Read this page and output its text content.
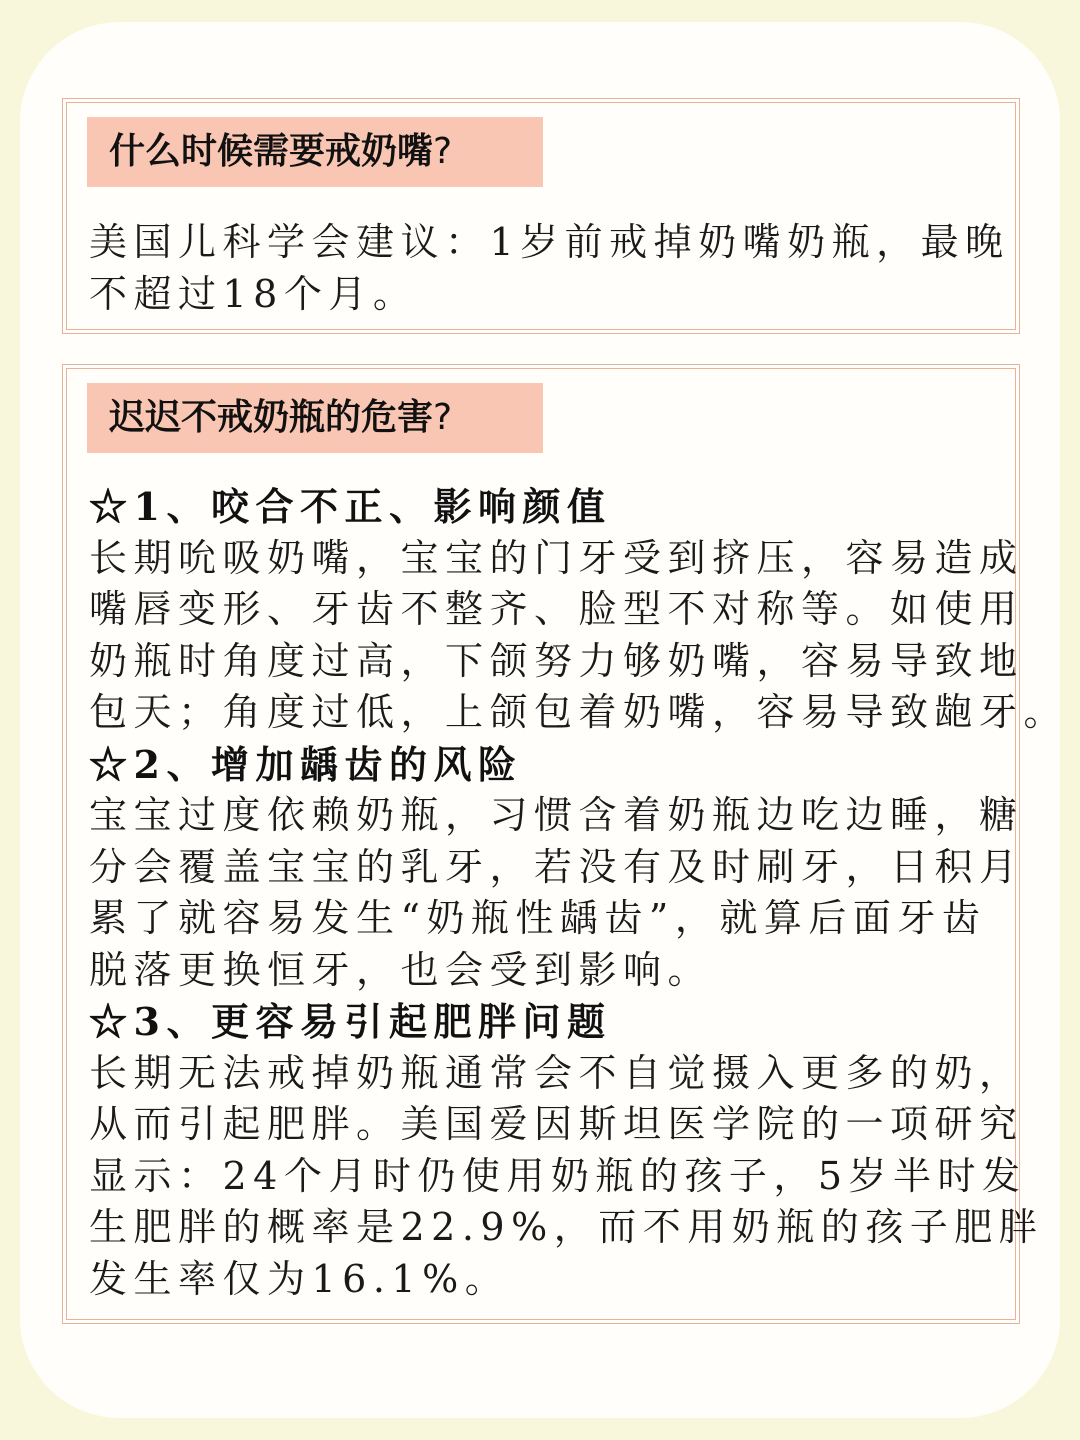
什么时候需要戒奶嘴?
美国儿科学会建议：1岁前戒掉奶嘴奶瓶，最晚
不超过18个月。
迟迟不戒奶瓶的危害?
☆1、咬合不正、影响颜值
长期吮吸奶嘴，宝宝的门牙受到挤压，容易造成
嘴唇变形、牙齿不整齐、脸型不对称等。如使用
奶瓶时角度过高，下颌努力够奶嘴，容易导致地
包天；角度过低，上颌包着奶嘴，容易导致龅牙。
☆2、增加龋齿的风险
宝宝过度依赖奶瓶，习惯含着奶瓶边吃边睡，糖
分会覆盖宝宝的乳牙，若没有及时刷牙，日积月
累了就容易发生“奶瓶性龋齿”，就算后面牙齿
脱落更换恒牙，也会受到影响。
☆3、更容易引起肥胖问题
长期无法戒掉奶瓶通常会不自觉摄入更多的奶，
从而引起肥胖。美国爱因斯坦医学院的一项研究
显示：24个月时仍使用奶瓶的孩子，5岁半时发
生肥胖的概率是22.9%，而不用奶瓶的孩子肥胖
发生率仅为16.1%。
